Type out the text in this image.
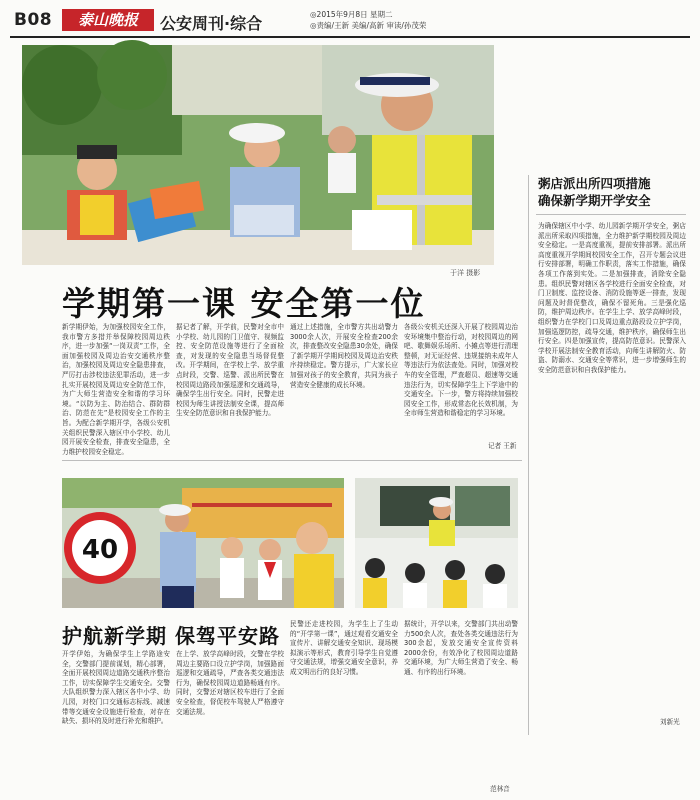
B08	泰山晚报	公安周刊·综合	◎2015年9月8日 星期二
◎责编/王新 美编/高新 审读/孙茂荣
于洋 摄影
粥店派出所四项措施
确保新学期开学安全
为确保辖区中小学、幼儿园新学期开学安全，粥店派出所采取四项措施，全力维护新学期校园及周边安全稳定。一是高度重视，提前安排部署。派出所高度重视开学期间校园安全工作，召开专题会议进行安排部署，明确工作职责，落实工作措施，确保各项工作落到实处。二是加强排查，消除安全隐患。组织民警对辖区各学校进行全面安全检查，对门卫制度、监控设备、消防设施等逐一排查，发现问题及时督促整改，确保不留死角。三是强化巡防，维护周边秩序。在学生上学、放学高峰时段，组织警力在学校门口及周边重点路段设立护学岗，加强巡逻防控，疏导交通，维护秩序，确保师生出行安全。四是加强宣传，提高防范意识。民警深入学校开展法制安全教育活动，向师生讲解防火、防盗、防溺水、交通安全等常识，进一步增强师生的安全防范意识和自我保护能力。
刘新光
学期第一课 安全第一位
新学期伊始，为加强校园安全工作，我市警方多措并举保障校园周边秩序，进一步加强“一岗双责”工作，全面加强校园及周边治安交通秩序整治，加强校园及周边安全隐患排查，严厉打击涉校违法犯罪活动，进一步扎实开展校园及周边安全防范工作，为广大师生营造安全和谐的学习环境。“以防为主、防治结合、群防群治、防范在先”是校园安全工作的主旨。为配合新学期开学，各级公安机关组织民警深入辖区中小学校、幼儿园开展安全检查，排查安全隐患，全力维护校园安全稳定。
据记者了解，开学前，民警对全市中小学校、幼儿园的门卫值守、视频监控、安全防范设施等进行了全面检查，对发现的安全隐患当场督促整改。开学期间，在学校上学、放学重点时段，交警、巡警、派出所民警在校园周边路段加强巡逻和交通疏导，确保学生出行安全。同时，民警走进校园为师生讲授法制安全课，提高师生安全防范意识和自我保护能力。
通过上述措施，全市警方共出动警力3000余人次，开展安全检查200余次，排查整改安全隐患30余处，确保了新学期开学期间校园及周边治安秩序持续稳定。警方提示，广大家长应加强对孩子的安全教育，共同为孩子营造安全健康的成长环境。
各级公安机关还深入开展了校园周边治安环境集中整治行动，对校园周边的网吧、歌舞娱乐场所、小摊点等进行清理整顿，对无证经营、违规接纳未成年人等违法行为依法查处。同时，加强对校车的安全管理，严查超员、超速等交通违法行为，切实保障学生上下学途中的交通安全。下一步，警方将持续加强校园安全工作，形成常态化长效机制，为全市师生营造和谐稳定的学习环境。
记者 王新
40
护航新学期 保驾平安路
开学伊始，为确保学生上学路途安全，交警部门提前谋划，精心部署，全面开展校园周边道路交通秩序整治工作，切实保障学生交通安全。交警大队组织警力深入辖区各中小学、幼儿园，对校门口交通标志标线、减速带等交通安全设施进行检查，对存在缺失、损坏的及时进行补充和维护。
在上学、放学高峰时段，交警在学校周边主要路口设立护学岗，加强路面巡逻和交通疏导，严查各类交通违法行为，确保校园周边道路畅通有序。同时，交警还对辖区校车进行了全面安全检查，督促校车驾驶人严格遵守交通法规。
民警还走进校园，为学生上了生动的“开学第一课”，通过观看交通安全宣传片、讲解交通安全知识、现场模拟演示等形式，教育引导学生自觉遵守交通法规，增强交通安全意识，养成文明出行的良好习惯。
据统计，开学以来，交警部门共出动警力500余人次，查处各类交通违法行为300余起，发放交通安全宣传资料2000余份，有效净化了校园周边道路交通环境，为广大师生营造了安全、畅通、有序的出行环境。
范林音
